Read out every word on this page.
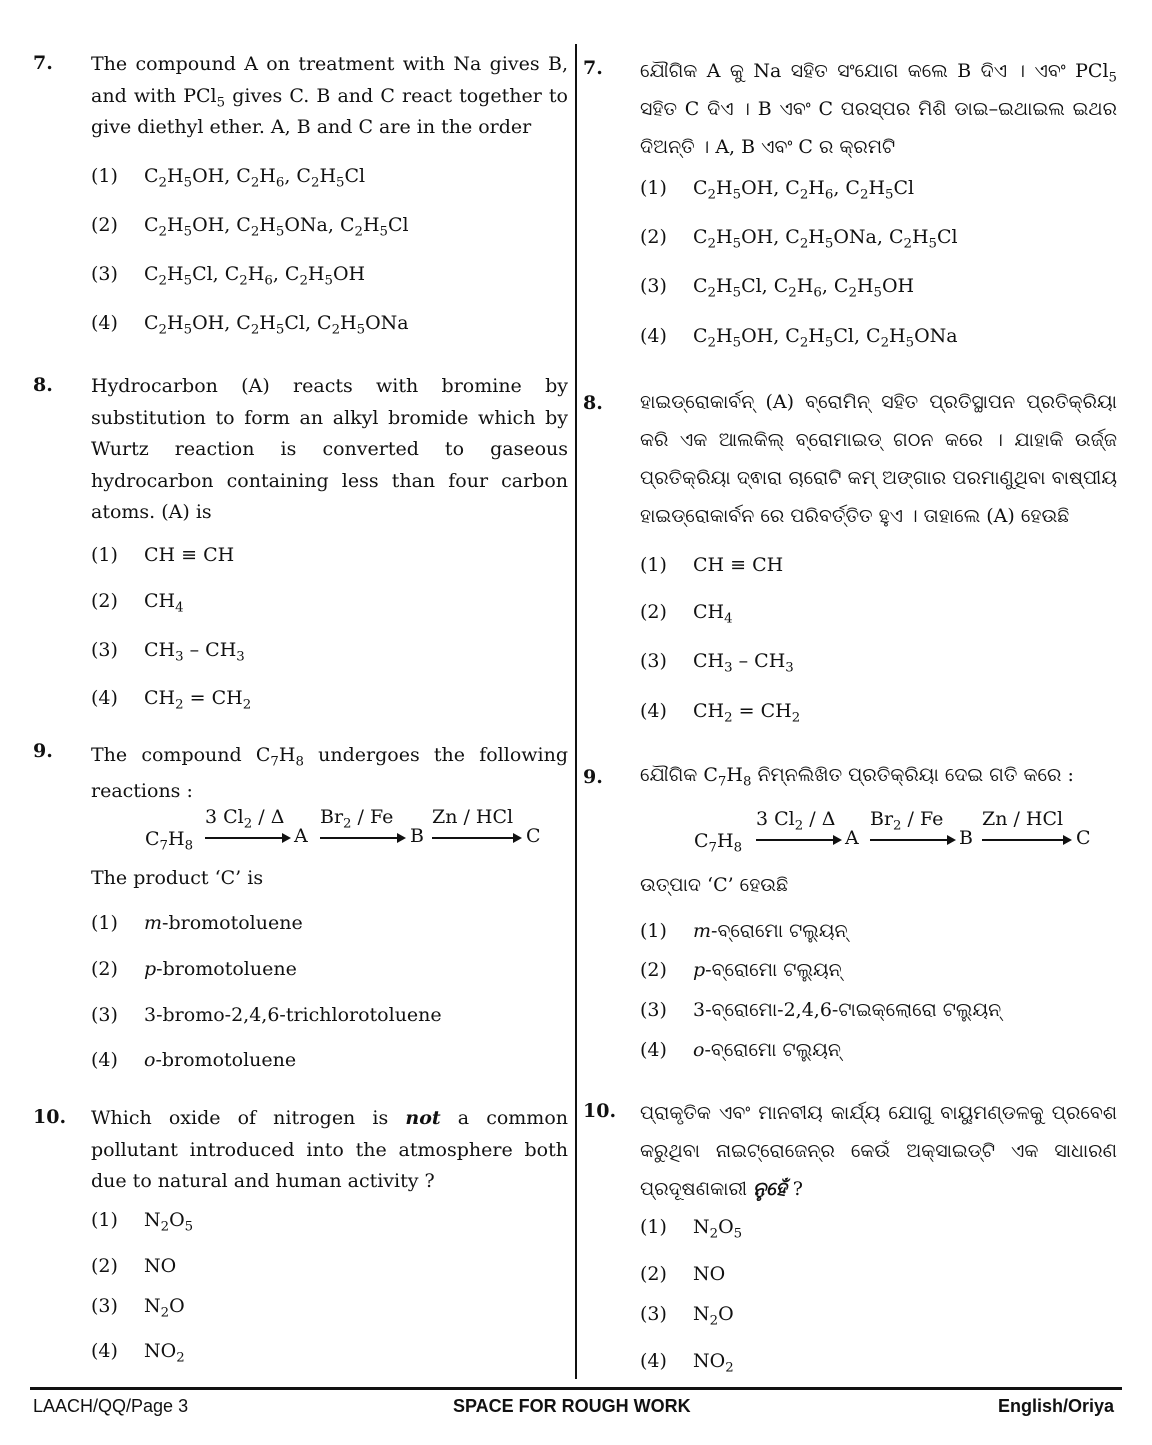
7. The compound A on treatment with Na gives B, and with PCl$_5$ gives C. B and C react together to give diethyl ether. A, B and C are in the order
(1) $C_2H_5OH$, $C_2H_6$, $C_2H_5Cl$
(2) $C_2H_5OH$, $C_2H_5ONa$, $C_2H_5Cl$
(3) $C_2H_5Cl$, $C_2H_6$, $C_2H_5OH$
(4) $C_2H_5OH$, $C_2H_5Cl$, $C_2H_5ONa$
8. Hydrocarbon (A) reacts with bromine by substitution to form an alkyl bromide which by Wurtz reaction is converted to gaseous hydrocarbon containing less than four carbon atoms. (A) is
(1) CH ≡ CH
(2) $CH_4$
(3) $CH_3 - CH_3$
(4) $CH_2 = CH_2$
9. The compound $C_7H_8$ undergoes the following reactions :
$C_7H_8$
3 $Cl_2$ / Δ
A
$Br_2$ / Fe
B
Zn / HCl
C
The product ‘C’ is
(1) m-bromotoluene
(2) p-bromotoluene
(3) 3-bromo-2,4,6-trichlorotoluene
(4) o-bromotoluene
10. Which oxide of nitrogen is not a common pollutant introduced into the atmosphere both due to natural and human activity ?
(1) $N_2O_5$
(2) NO
(3) $N_2O$
(4) $NO_2$
7. ଯୌଗିକ A କୁ Na ସହିତ ସଂଯୋଗ କଲେ B ଦିଏ । ଏବଂ PCl$_5$ ସହିତ C ଦିଏ । B ଏବଂ C ପରସ୍ପର ମିଶି ଡାଇ–ଇଥାଇଲ ଇଥର ଦିଅନ୍ତି । A, B ଏବଂ C ର କ୍ରମଟି
(1) $C_2H_5OH$, $C_2H_6$, $C_2H_5Cl$
(2) $C_2H_5OH$, $C_2H_5ONa$, $C_2H_5Cl$
(3) $C_2H_5Cl$, $C_2H_6$, $C_2H_5OH$
(4) $C_2H_5OH$, $C_2H_5Cl$, $C_2H_5ONa$
8. ହାଇଡ୍ରୋକାର୍ବନ୍ (A) ବ୍ରୋମିନ୍ ସହିତ ପ୍ରତିସ୍ଥାପନ ପ୍ରତିକ୍ରିୟା କରି ଏକ ଆଲକିଲ୍ ବ୍ରୋମାଇଡ୍ ଗଠନ କରେ । ଯାହାକି ଉର୍ଜ୍ଜ ପ୍ରତିକ୍ରିୟା ଦ୍ଵାରା ଚାରୋଟି କମ୍ ଅଙ୍ଗାର ପରମାଣୁଥିବା ବାଷ୍ପୀୟ ହାଇଡ୍ରୋକାର୍ବନ ରେ ପରିବର୍ତ୍ତିତ ହୁଏ । ତାହାଲେ (A) ହେଉଛି
(1) CH ≡ CH
(2) $CH_4$
(3) $CH_3 - CH_3$
(4) $CH_2 = CH_2$
9. ଯୌଗିକ $C_7H_8$ ନିମ୍ନଲିଖିତ ପ୍ରତିକ୍ରିୟା ଦେଇ ଗତି କରେ :
$C_7H_8$
3 $Cl_2$ / Δ
A
$Br_2$ / Fe
B
Zn / HCl
C
ଉତ୍ପାଦ ‘C’ ହେଉଛି
(1) m-ବ୍ରୋମୋ ଟଲ୍ୟୁନ୍
(2) p-ବ୍ରୋମୋ ଟଲ୍ୟୁନ୍
(3) 3-ବ୍ରୋମୋ-2,4,6-ଟାଇକ୍ଲୋରୋ ଟଲ୍ୟୁନ୍
(4) o-ବ୍ରୋମୋ ଟଲ୍ୟୁନ୍
10. ପ୍ରାକୃତିକ ଏବଂ ମାନବୀୟ କାର୍ଯ୍ୟ ଯୋଗୁ ବାୟୁମଣ୍ଡଳକୁ ପ୍ରବେଶ କରୁଥିବା ନାଇଟ୍ରୋଜେନ୍‌ର କେଉଁ ଅକ୍ସାଇଡ୍‌ଟି ଏକ ସାଧାରଣ ପ୍ରଦୂଷଣକାରୀ ନୁହେଁ ?
(1) $N_2O_5$
(2) NO
(3) $N_2O$
(4) $NO_2$
LAACH/QQ/Page 3	SPACE FOR ROUGH WORK	English/Oriya
